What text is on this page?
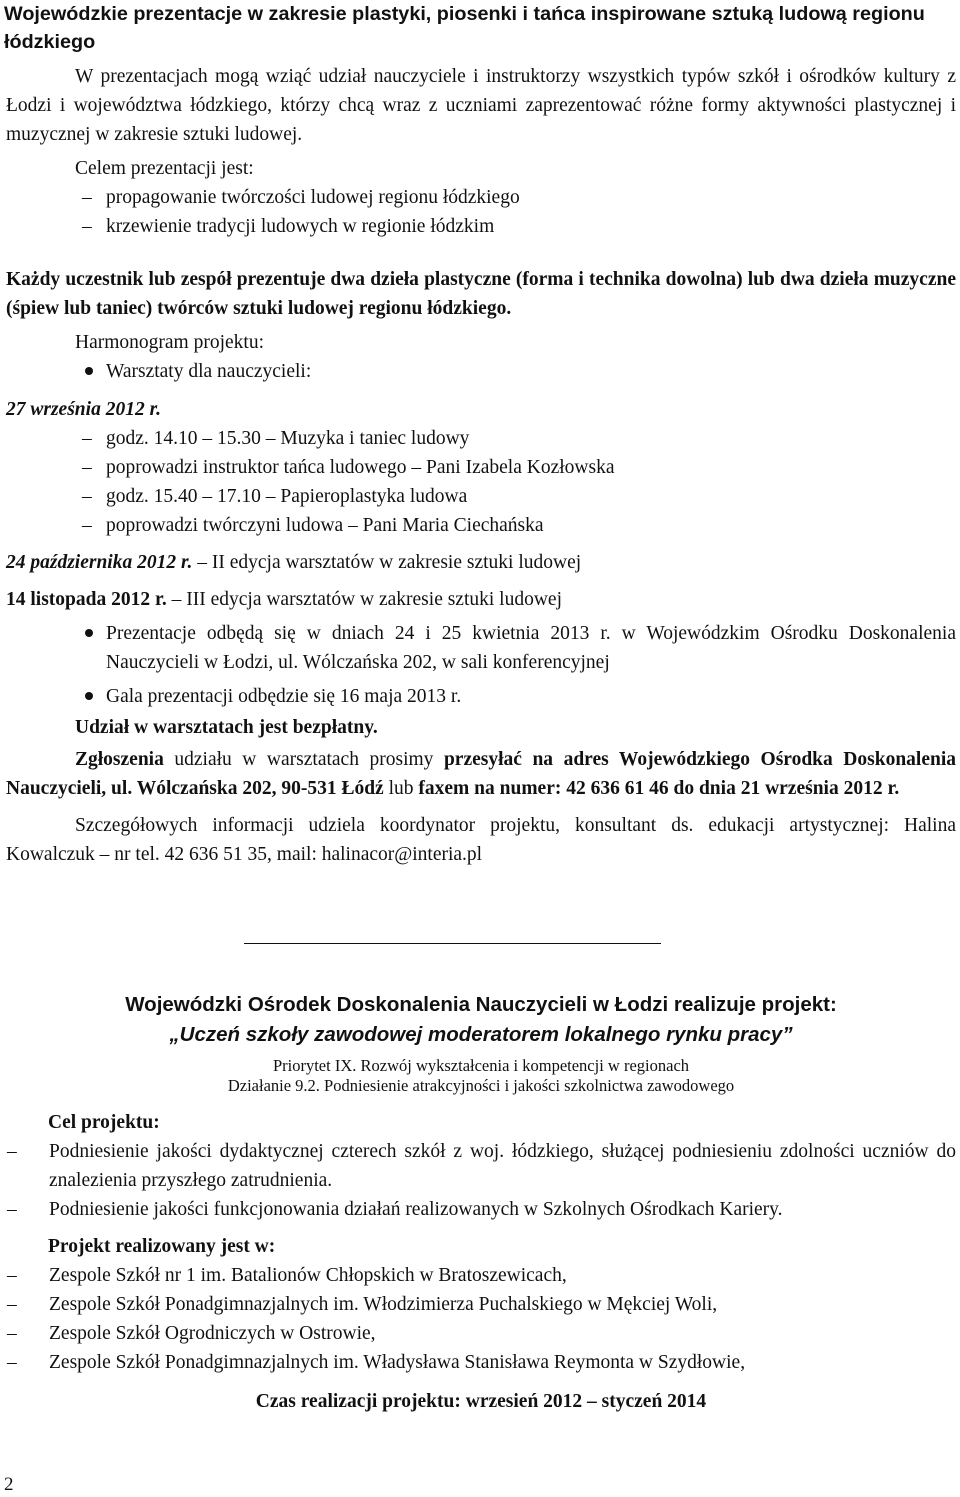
Wojewódzkie prezentacje w zakresie plastyki, piosenki i tańca inspirowane sztuką ludową regionu łódzkiego
W prezentacjach mogą wziąć udział nauczyciele i instruktorzy wszystkich typów szkół i ośrodków kultury z Łodzi i województwa łódzkiego, którzy chcą wraz z uczniami zaprezentować różne formy aktywności plastycznej i muzycznej w zakresie sztuki ludowej.
Celem prezentacji jest:
– propagowanie twórczości ludowej regionu łódzkiego
– krzewienie tradycji ludowych w regionie łódzkim
Każdy uczestnik lub zespół prezentuje dwa dzieła plastyczne (forma i technika dowolna) lub dwa dzieła muzyczne (śpiew lub taniec) twórców sztuki ludowej regionu łódzkiego.
Harmonogram projektu:
Warsztaty dla nauczycieli:
27 września 2012 r.
– godz. 14.10 – 15.30 – Muzyka i taniec ludowy
– poprowadzi instruktor tańca ludowego – Pani Izabela Kozłowska
– godz. 15.40 – 17.10 – Papieroplastyka ludowa
– poprowadzi twórczyni ludowa – Pani Maria Ciechańska
24 października 2012 r. – II edycja warsztatów w zakresie sztuki ludowej
14 listopada 2012 r. – III edycja warsztatów w zakresie sztuki ludowej
Prezentacje odbędą się w dniach 24 i 25 kwietnia 2013 r. w Wojewódzkim Ośrodku Doskonalenia Nauczycieli w Łodzi, ul. Wólczańska 202, w sali konferencyjnej
Gala prezentacji odbędzie się 16 maja 2013 r.
Udział w warsztatach jest bezpłatny.
Zgłoszenia udziału w warsztatach prosimy przesyłać na adres Wojewódzkiego Ośrodka Doskonalenia Nauczycieli, ul. Wólczańska 202, 90-531 Łódź lub faxem na numer: 42 636 61 46 do dnia 21 września 2012 r.
Szczegółowych informacji udziela koordynator projektu, konsultant ds. edukacji artystycznej: Halina Kowalczuk – nr tel. 42 636 51 35, mail: halinacor@interia.pl
Wojewódzki Ośrodek Doskonalenia Nauczycieli w Łodzi realizuje projekt:
„Uczeń szkoły zawodowej moderatorem lokalnego rynku pracy”
Priorytet IX. Rozwój wykształcenia i kompetencji w regionach
Działanie 9.2. Podniesienie atrakcyjności i jakości szkolnictwa zawodowego
Cel projektu:
– Podniesienie jakości dydaktycznej czterech szkół z woj. łódzkiego, służącej podniesieniu zdolności uczniów do znalezienia przyszłego zatrudnienia.
– Podniesienie jakości funkcjonowania działań realizowanych w Szkolnych Ośrodkach Kariery.
Projekt realizowany jest w:
– Zespole Szkół nr 1 im. Batalionów Chłopskich w Bratoszewicach,
– Zespole Szkół Ponadgimnazjalnych im. Włodzimierza Puchalskiego w Mękciej Woli,
– Zespole Szkół Ogrodniczych w Ostrowie,
– Zespole Szkół Ponadgimnazjalnych im. Władysława Stanisława Reymonta w Szydłowie,
Czas realizacji projektu: wrzesień 2012 – styczeń 2014
2
